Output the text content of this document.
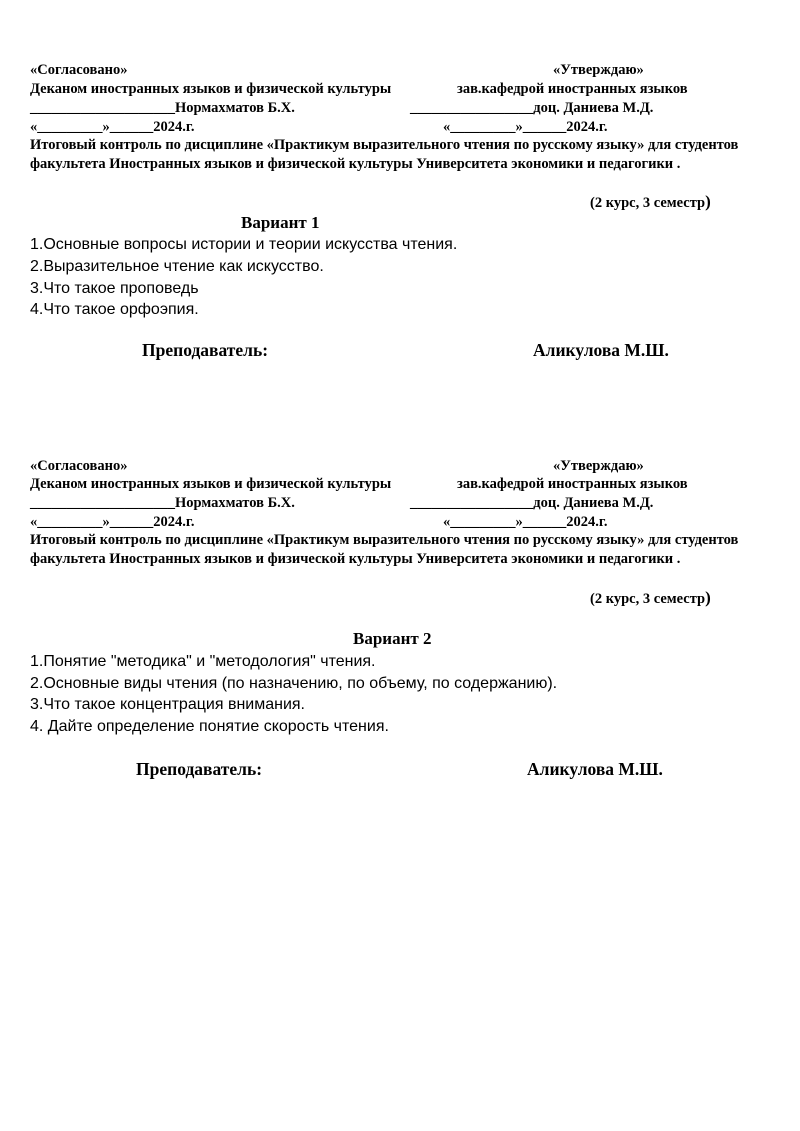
«Согласовано»	«Утверждаю»
Деканом иностранных языков и физической культуры	зав.кафедрой иностранных языков
____________________Нормахматов Б.Х.	_________________доц. Даниева М.Д.
«_________»______2024.г.	«_________»______2024.г.
Итоговый контроль по дисциплине «Практикум выразительного чтения по русскому языку» для студентов факультета Иностранных языков и физической культуры Университета экономики и педагогики .
(2 курс, 3 семестр)
Вариант 1
1.Основные вопросы истории и теории искусства чтения.
2.Выразительное чтение как искусство.
3.Что такое проповедь
4.Что такое орфоэпия.
Преподаватель:	Аликулова М.Ш.
«Согласовано»	«Утверждаю»
Деканом иностранных языков и физической культуры	зав.кафедрой иностранных языков
____________________Нормахматов Б.Х.	_________________доц. Даниева М.Д.
«_________»______2024.г.	«_________»______2024.г.
Итоговый контроль по дисциплине «Практикум выразительного чтения по русскому языку» для студентов факультета Иностранных языков и физической культуры Университета экономики и педагогики .
(2 курс, 3 семестр)
Вариант 2
1.Понятие "методика" и "методология" чтения.
2.Основные виды чтения (по назначению, по объему, по содержанию).
3.Что такое концентрация внимания.
4. Дайте определение понятие скорость чтения.
Преподаватель:	Аликулова М.Ш.
